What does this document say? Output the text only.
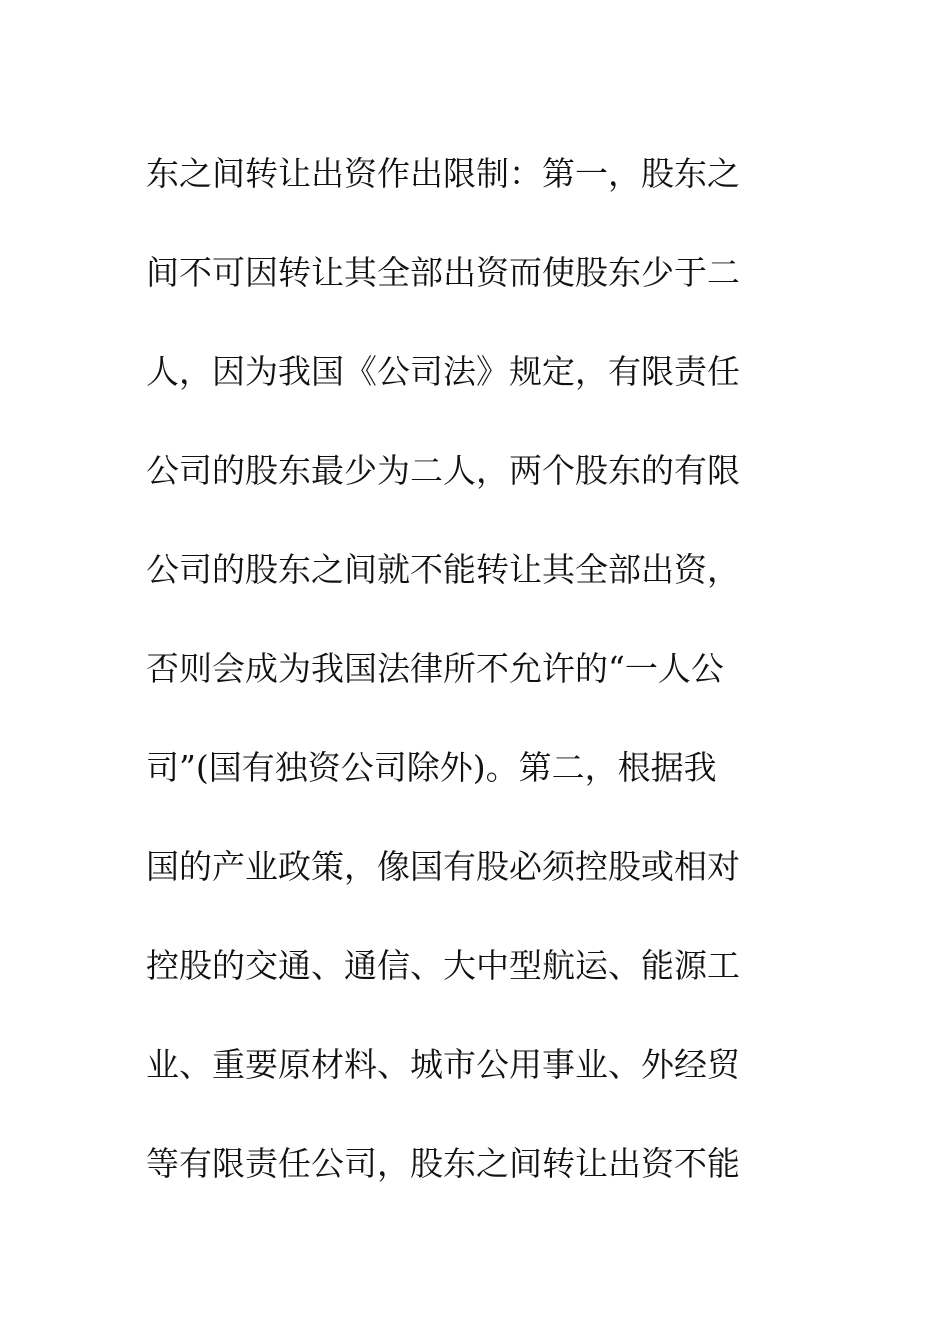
东之间转让出资作出限制：第一，股东之
间不可因转让其全部出资而使股东少于二
人，因为我国《公司法》规定，有限责任
公司的股东最少为二人，两个股东的有限
公司的股东之间就不能转让其全部出资，
否则会成为我国法律所不允许的“一人公
司”(国有独资公司除外)。第二，根据我
国的产业政策，像国有股必须控股或相对
控股的交通、通信、大中型航运、能源工
业、重要原材料、城市公用事业、外经贸
等有限责任公司，股东之间转让出资不能
